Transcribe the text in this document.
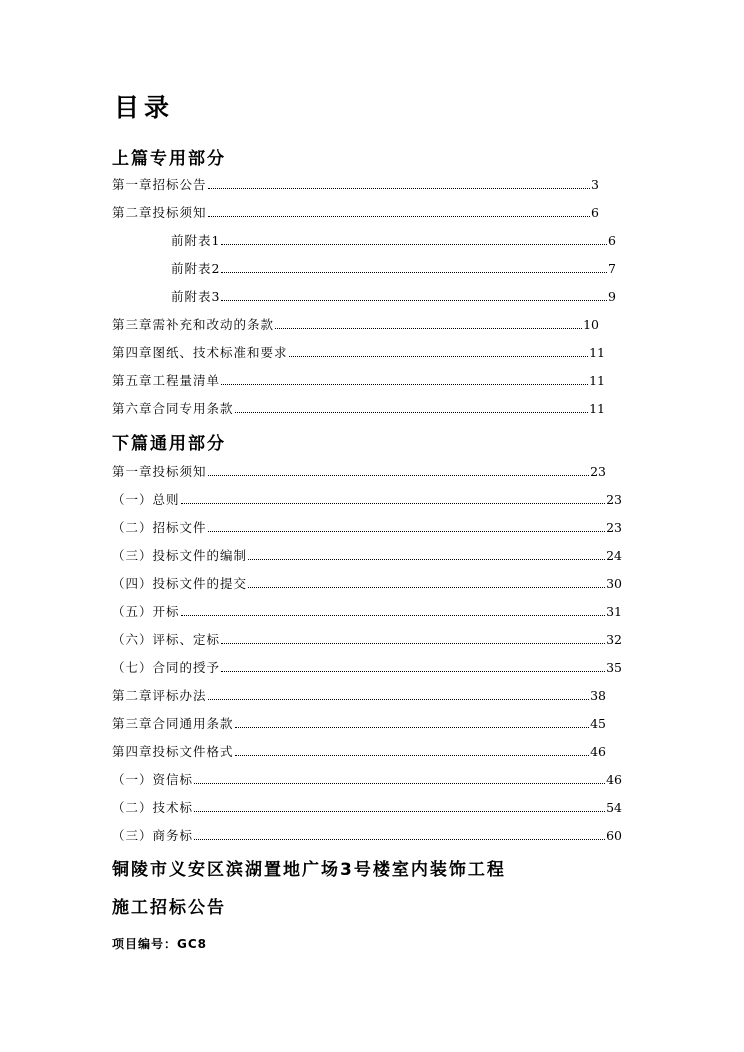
目录
上篇专用部分
第一章招标公告	3
第二章投标须知	6
前附表1	6
前附表2	7
前附表3	9
第三章需补充和改动的条款	10
第四章图纸、技术标准和要求	11
第五章工程量清单	11
第六章合同专用条款	11
下篇通用部分
第一章投标须知	23
（一）总则	23
（二）招标文件	23
（三）投标文件的编制	24
（四）投标文件的提交	30
（五）开标	31
（六）评标、定标	32
（七）合同的授予	35
第二章评标办法	38
第三章合同通用条款	45
第四章投标文件格式	46
（一）资信标	46
（二）技术标	54
（三）商务标	60
铜陵市义安区滨湖置地广场3号楼室内装饰工程
施工招标公告
项目编号：GC8
